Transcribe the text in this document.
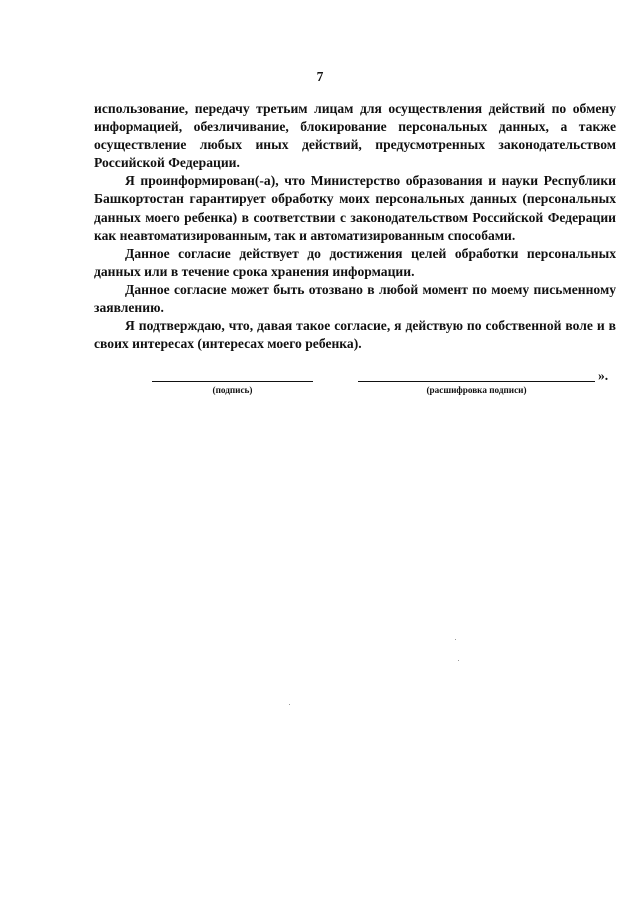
7

использование, передачу третьим лицам для осуществления действий по обмену информацией, обезличивание, блокирование персональных данных, а также осуществление любых иных действий, предусмотренных законодательством Российской Федерации.

Я проинформирован(-а), что Министерство образования и науки Республики Башкортостан гарантирует обработку моих персональных данных (персональных данных моего ребенка) в соответствии с законодательством Российской Федерации как неавтоматизированным, так и автоматизированным способами.

Данное согласие действует до достижения целей обработки персональных данных или в течение срока хранения информации.

Данное согласие может быть отозвано в любой момент по моему письменному заявлению.

Я подтверждаю, что, давая такое согласие, я действую по собственной воле и в своих интересах (интересах моего ребенка).

».
(подпись)	(расшифровка подписи)
